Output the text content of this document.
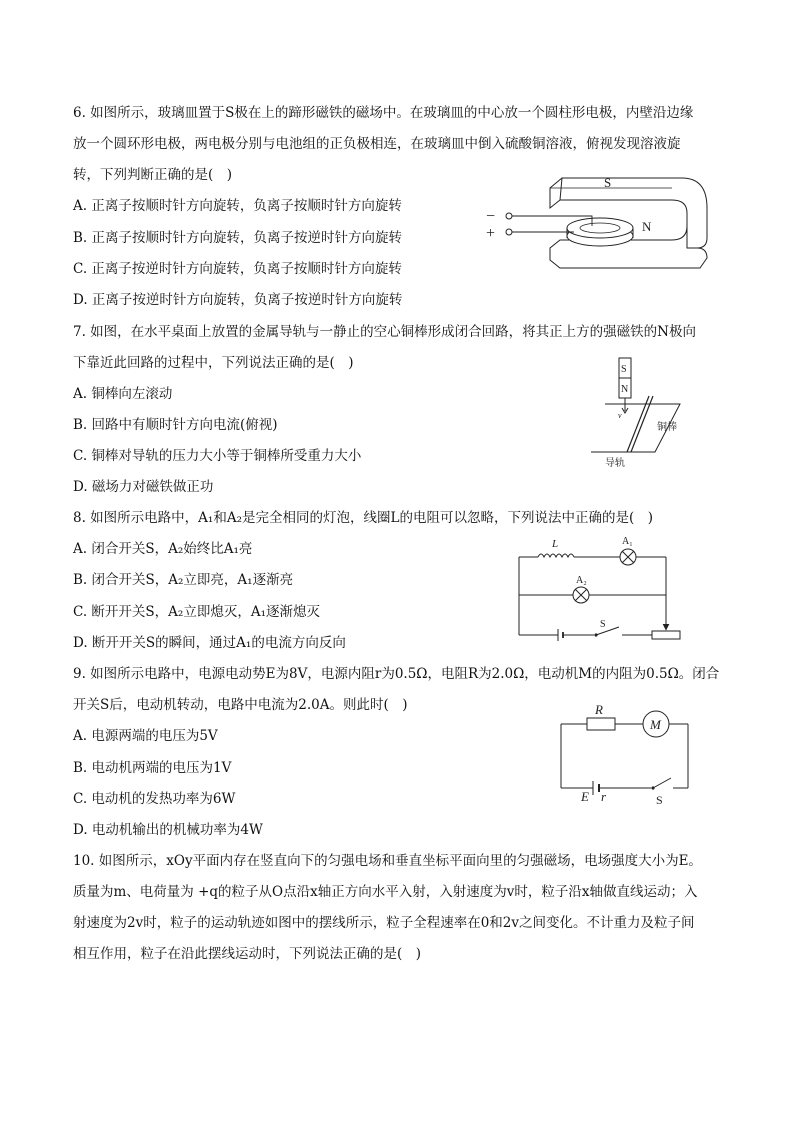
6. 如图所示，玻璃皿置于S极在上的蹄形磁铁的磁场中。在玻璃皿的中心放一个圆柱形电极，内壁沿边缘
放一个圆环形电极，两电极分别与电池组的正负极相连，在玻璃皿中倒入硫酸铜溶液，俯视发现溶液旋
转，下列判断正确的是(　)
A. 正离子按顺时针方向旋转，负离子按顺时针方向旋转
B. 正离子按顺时针方向旋转，负离子按逆时针方向旋转
C. 正离子按逆时针方向旋转，负离子按顺时针方向旋转
D. 正离子按逆时针方向旋转，负离子按逆时针方向旋转
−
+
S
N
7. 如图，在水平桌面上放置的金属导轨与一静止的空心铜棒形成闭合回路，将其正上方的强磁铁的N极向
下靠近此回路的过程中，下列说法正确的是(　)
A. 铜棒向左滚动
B. 回路中有顺时针方向电流(俯视)
C. 铜棒对导轨的压力大小等于铜棒所受重力大小
D. 磁场力对磁铁做正功
S
N
v
铜棒
导轨
8. 如图所示电路中，A₁和A₂是完全相同的灯泡，线圈L的电阻可以忽略，下列说法中正确的是(　)
A. 闭合开关S，A₂始终比A₁亮
B. 闭合开关S，A₂立即亮，A₁逐渐亮
C. 断开开关S，A₂立即熄灭，A₁逐渐熄灭
D. 断开开关S的瞬间，通过A₁的电流方向反向
L	A₁
A₂
S
9. 如图所示电路中，电源电动势E为8V，电源内阻r为0.5Ω，电阻R为2.0Ω，电动机M的内阻为0.5Ω。闭合
开关S后，电动机转动，电路中电流为2.0A。则此时(　)
A. 电源两端的电压为5V
B. 电动机两端的电压为1V
C. 电动机的发热功率为6W
D. 电动机输出的机械功率为4W
R
M
E r	S
10. 如图所示，xOy平面内存在竖直向下的匀强电场和垂直坐标平面向里的匀强磁场，电场强度大小为E。
质量为m、电荷量为 +q的粒子从O点沿x轴正方向水平入射，入射速度为v时，粒子沿x轴做直线运动；入
射速度为2v时，粒子的运动轨迹如图中的摆线所示，粒子全程速率在0和2v之间变化。不计重力及粒子间
相互作用，粒子在沿此摆线运动时，下列说法正确的是(　)
